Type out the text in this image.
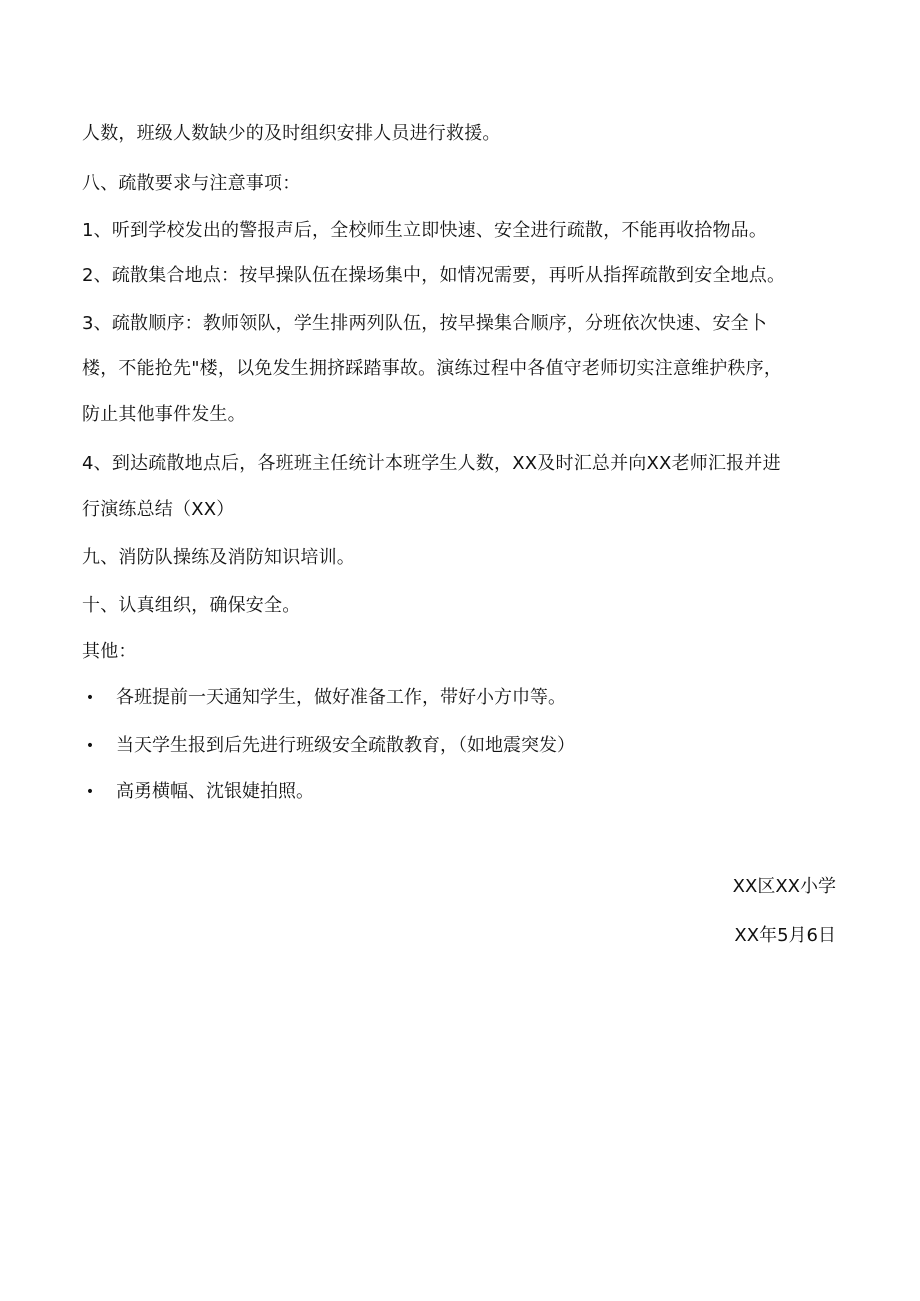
人数，班级人数缺少的及时组织安排人员进行救援。
八、疏散要求与注意事项：
1、听到学校发出的警报声后，全校师生立即快速、安全进行疏散，不能再收拾物品。
2、疏散集合地点：按早操队伍在操场集中，如情况需要，再听从指挥疏散到安全地点。
3、疏散顺序：教师领队，学生排两列队伍，按早操集合顺序，分班依次快速、安全卜
楼，不能抢先"楼，以免发生拥挤踩踏事故。演练过程中各值守老师切实注意维护秩序，
防止其他事件发生。
4、到达疏散地点后，各班班主任统计本班学生人数，XX及时汇总并向XX老师汇报并进
行演练总结（XX）
九、消防队操练及消防知识培训。
十、认真组织，确保安全。
其他：
• 各班提前一天通知学生，做好准备工作，带好小方巾等。
• 当天学生报到后先进行班级安全疏散教育，（如地震突发）
• 高勇横幅、沈银婕拍照。
XX区XX小学
XX年5月6日
